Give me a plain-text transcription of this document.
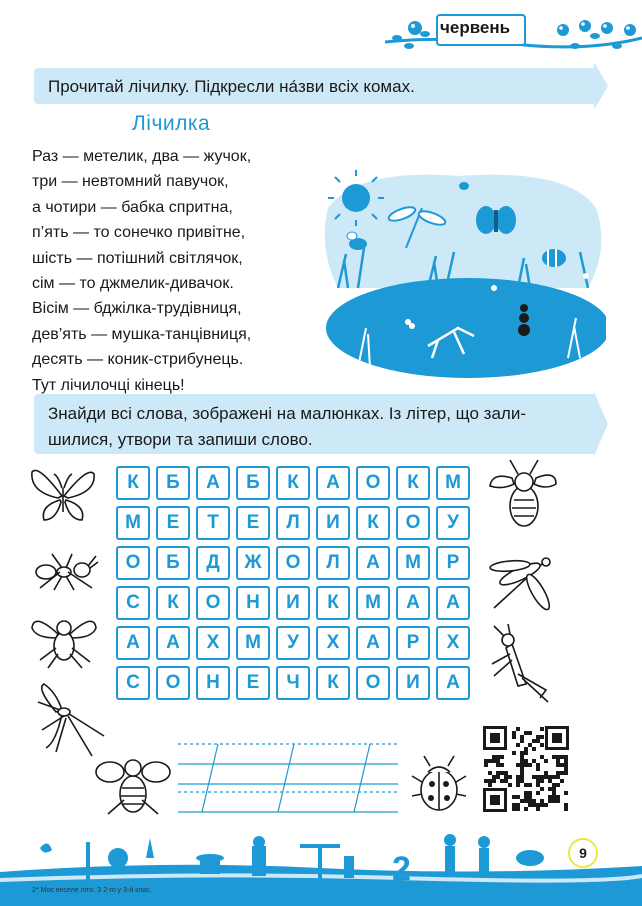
червень
Прочитай лічилку. Підкресли на́зви всіх комах.
Лічилка
Раз — метелик, два — жучок,
три — невтомний павучок,
а чотири — бабка спритна,
п’ять — то сонечко привітне,
шість — потішний світлячок,
сім — то джмелик-дивачок.
Вісім — бджілка-трудівниця,
дев’ять — мушка-танцівниця,
десять — коник-стрибунець.
Тут лічилочці кінець!
Знайди всі слова, зображені на малюнках. Із літер, що зали-
шилися, утвори та запиши слово.
К	Б	А	Б	К	А	О	К	М
М	Е	Т	Е	Л	И	К	О	У
О	Б	Д	Ж	О	Л	А	М	Р
С	К	О	Н	И	К	М	А	А
А	А	Х	М	У	Х	А	Р	Х
С	О	Н	Е	Ч	К	О	И	А
2	9
2* Моє веселе літо. З 2-го у 3-й клас.
